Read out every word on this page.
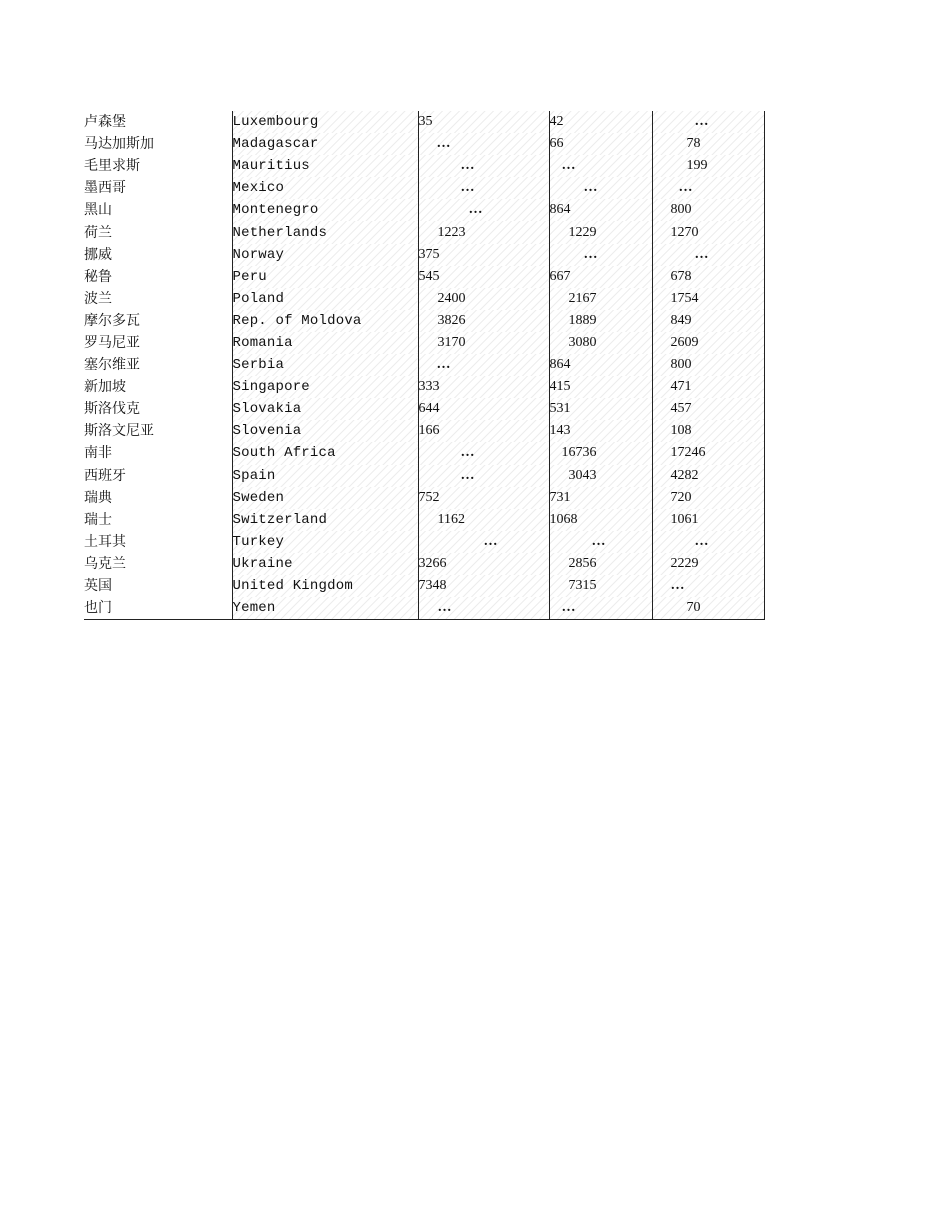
卢森堡	Luxembourg	35	42	…
马达加斯加	Madagascar	…	66	78
毛里求斯	Mauritius	…	…	199
墨西哥	Mexico	…	…	…
黑山	Montenegro	…	864	800
荷兰	Netherlands	1223	1229	1270
挪威	Norway	375	…	…
秘鲁	Peru	545	667	678
波兰	Poland	2400	2167	1754
摩尔多瓦	Rep. of Moldova	3826	1889	849
罗马尼亚	Romania	3170	3080	2609
塞尔维亚	Serbia	…	864	800
新加坡	Singapore	333	415	471
斯洛伐克	Slovakia	644	531	457
斯洛文尼亚	Slovenia	166	143	108
南非	South Africa	…	16736	17246
西班牙	Spain	…	3043	4282
瑞典	Sweden	752	731	720
瑞士	Switzerland	1162	1068	1061
土耳其	Turkey	…	…	…
乌克兰	Ukraine	3266	2856	2229
英国	United Kingdom	7348	7315	…
也门	Yemen	…	…	70
